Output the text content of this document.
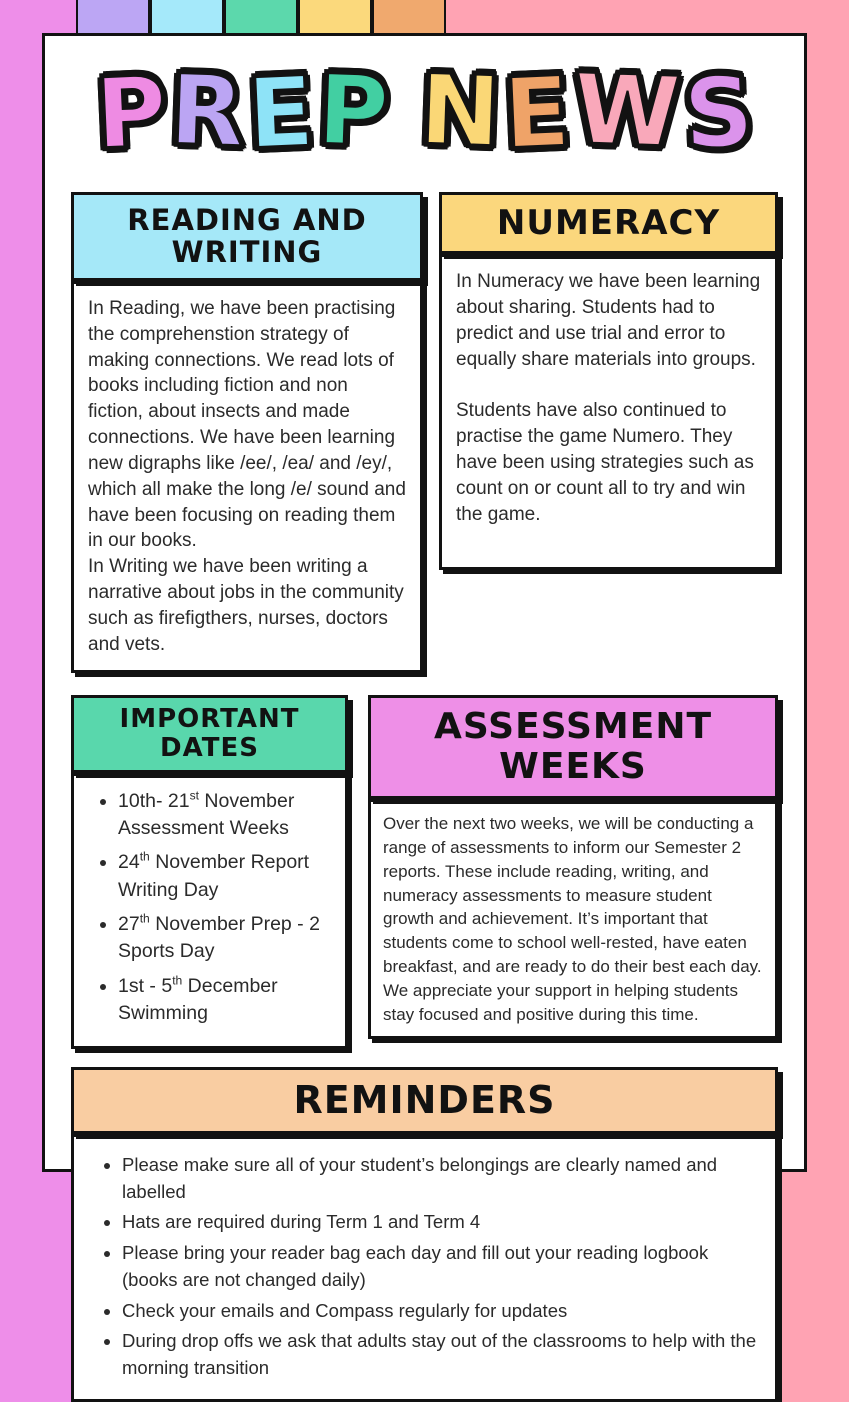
PREP NEWS
READING AND WRITING

In Reading, we have been practising the comprehenstion strategy of making connections. We read lots of books including fiction and non fiction, about insects and made connections. We have been learning new digraphs like /ee/, /ea/ and /ey/, which all make the long /e/ sound and have been focusing on reading them in our books.

In Writing we have been writing a narrative about jobs in the community such as firefigthers, nurses, doctors and vets.

NUMERACY

In Numeracy we have been learning about sharing. Students had to predict and use trial and error to equally share materials into groups.

Students have also continued to practise the game Numero. They have been using strategies such as count on or count all to try and win the game.

IMPORTANT DATES
• 10th- 21st November Assessment Weeks
• 24th November Report Writing Day
• 27th November Prep - 2 Sports Day
• 1st - 5th December Swimming
ASSESSMENT WEEKS

Over the next two weeks, we will be conducting a range of assessments to inform our Semester 2 reports. These include reading, writing, and numeracy assessments to measure student growth and achievement. It’s important that students come to school well-rested, have eaten breakfast, and are ready to do their best each day. We appreciate your support in helping students stay focused and positive during this time.

REMINDERS
• Please make sure all of your student’s belongings are clearly named and labelled
• Hats are required during Term 1 and Term 4
• Please bring your reader bag each day and fill out your reading logbook (books are not changed daily)
• Check your emails and Compass regularly for updates
• During drop offs we ask that adults stay out of the classrooms to help with the morning transition
